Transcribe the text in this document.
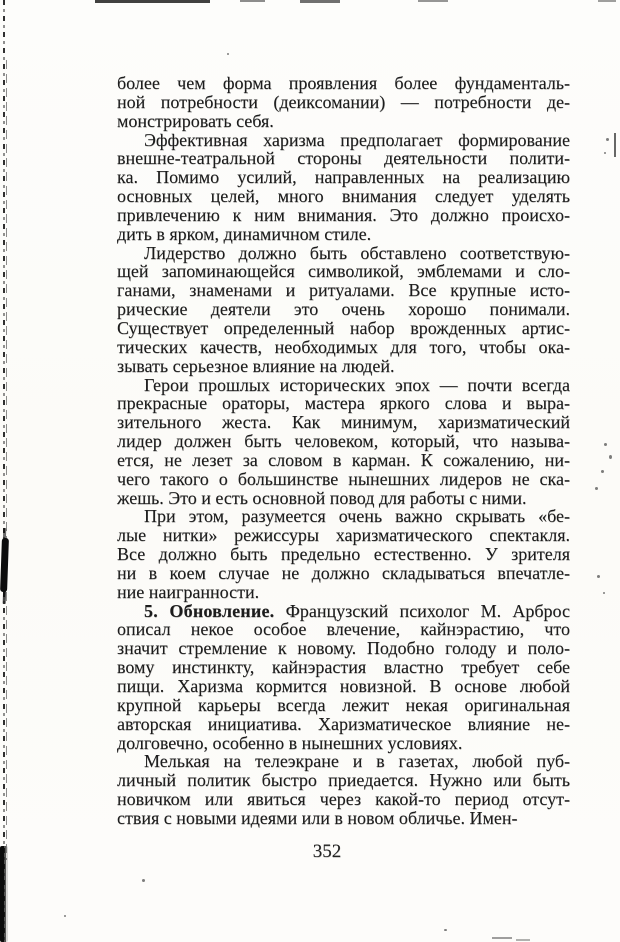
более чем форма проявления более фундаменталь-
ной потребности (деиксомании) — потребности де-
монстрировать себя.
Эффективная харизма предполагает формирование
внешне-театральной стороны деятельности полити-
ка. Помимо усилий, направленных на реализацию
основных целей, много внимания следует уделять
привлечению к ним внимания. Это должно происхо-
дить в ярком, динамичном стиле.
Лидерство должно быть обставлено соответствую-
щей запоминающейся символикой, эмблемами и сло-
ганами, знаменами и ритуалами. Все крупные исто-
рические деятели это очень хорошо понимали.
Существует определенный набор врожденных артис-
тических качеств, необходимых для того, чтобы ока-
зывать серьезное влияние на людей.
Герои прошлых исторических эпох — почти всегда
прекрасные ораторы, мастера яркого слова и выра-
зительного жеста. Как минимум, харизматический
лидер должен быть человеком, который, что называ-
ется, не лезет за словом в карман. К сожалению, ни-
чего такого о большинстве нынешних лидеров не ска-
жешь. Это и есть основной повод для работы с ними.
При этом, разумеется очень важно скрывать «бе-
лые нитки» режиссуры харизматического спектакля.
Все должно быть предельно естественно. У зрителя
ни в коем случае не должно складываться впечатле-
ние наигранности.
5. Обновление. Французский психолог М. Арброс
описал некое особое влечение, кайнэрастию, что
значит стремление к новому. Подобно голоду и поло-
вому инстинкту, кайнэрастия властно требует себе
пищи. Харизма кормится новизной. В основе любой
крупной карьеры всегда лежит некая оригинальная
авторская инициатива. Харизматическое влияние не-
долговечно, особенно в нынешних условиях.
Мелькая на телеэкране и в газетах, любой пуб-
личный политик быстро приедается. Нужно или быть
новичком или явиться через какой-то период отсут-
ствия с новыми идеями или в новом обличье. Имен-
352
